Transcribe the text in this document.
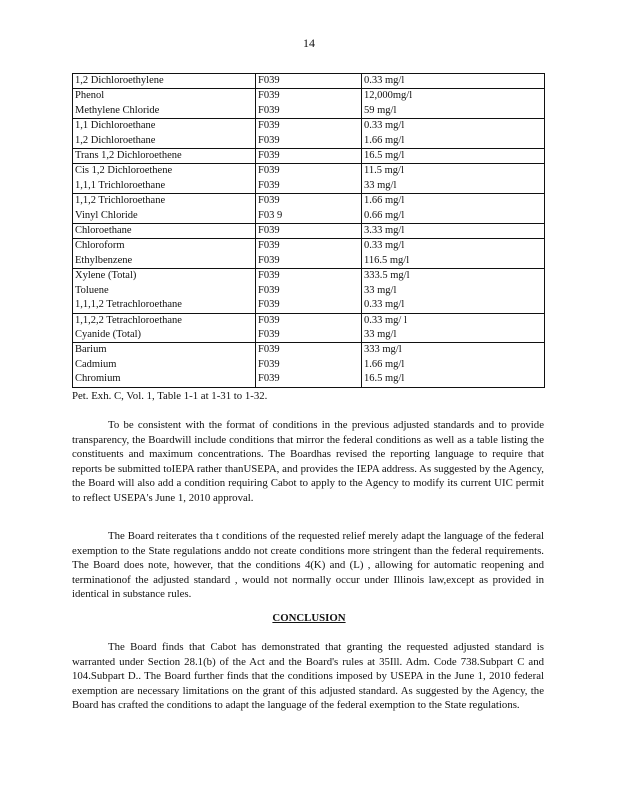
14
1,2 Dichloroethylene	F039	0.33 mg/l
Phenol	F039	12,000mg/l
Methylene Chloride	F039	59 mg/l
1,1 Dichloroethane	F039	0.33 mg/l
1,2 Dichloroethane	F039	1.66 mg/l
Trans 1,2 Dichloroethene	F039	16.5 mg/l
Cis 1,2 Dichloroethene	F039	11.5 mg/l
1,1,1 Trichloroethane	F039	33 mg/l
1,1,2 Trichloroethane	F039	1.66 mg/l
Vinyl Chloride	F03 9	0.66 mg/l
Chloroethane	F039	3.33 mg/l
Chloroform	F039	0.33 mg/l
Ethylbenzene	F039	116.5 mg/l
Xylene (Total)	F039	333.5 mg/l
Toluene	F039	33 mg/l
1,1,1,2 Tetrachloroethane	F039	0.33 mg/l
1,1,2,2 Tetrachloroethane	F039	0.33 mg/ l
Cyanide (Total)	F039	33 mg/l
Barium	F039	333 mg/l
Cadmium	F039	1.66 mg/l
Chromium	F039	16.5 mg/l
Pet. Exh. C, Vol. 1, Table 1-1 at 1-31 to 1-32.

To be consistent with the format of conditions in the previous adjusted standards and to provide transparency, the Boardwill include conditions that mirror the federal conditions as well as a table listing the constituents and maximum concentrations. The Boardhas revised the reporting language to require that reports be submitted toIEPA rather thanUSEPA, and provides the IEPA address. As suggested by the Agency, the Board will also add a condition requiring Cabot to apply to the Agency to modify its current UIC permit to reflect USEPA's June 1, 2010 approval.

The Board reiterates tha t conditions of the requested relief merely adapt the language of the federal exemption to the State regulations anddo not create conditions more stringent than the federal requirements. The Board does note, however, that the conditions 4(K) and (L) , allowing for automatic reopening and terminationof the adjusted standard , would not normally occur under Illinois law,except as provided in identical in substance rules.

CONCLUSION

The Board finds that Cabot has demonstrated that granting the requested adjusted standard is warranted under Section 28.1(b) of the Act and the Board's rules at 35Ill. Adm. Code 738.Subpart C and 104.Subpart D.. The Board further finds that the conditions imposed by USEPA in the June 1, 2010 federal exemption are necessary limitations on the grant of this adjusted standard. As suggested by the Agency, the Board has crafted the conditions to adapt the language of the federal exemption to the State regulations.
